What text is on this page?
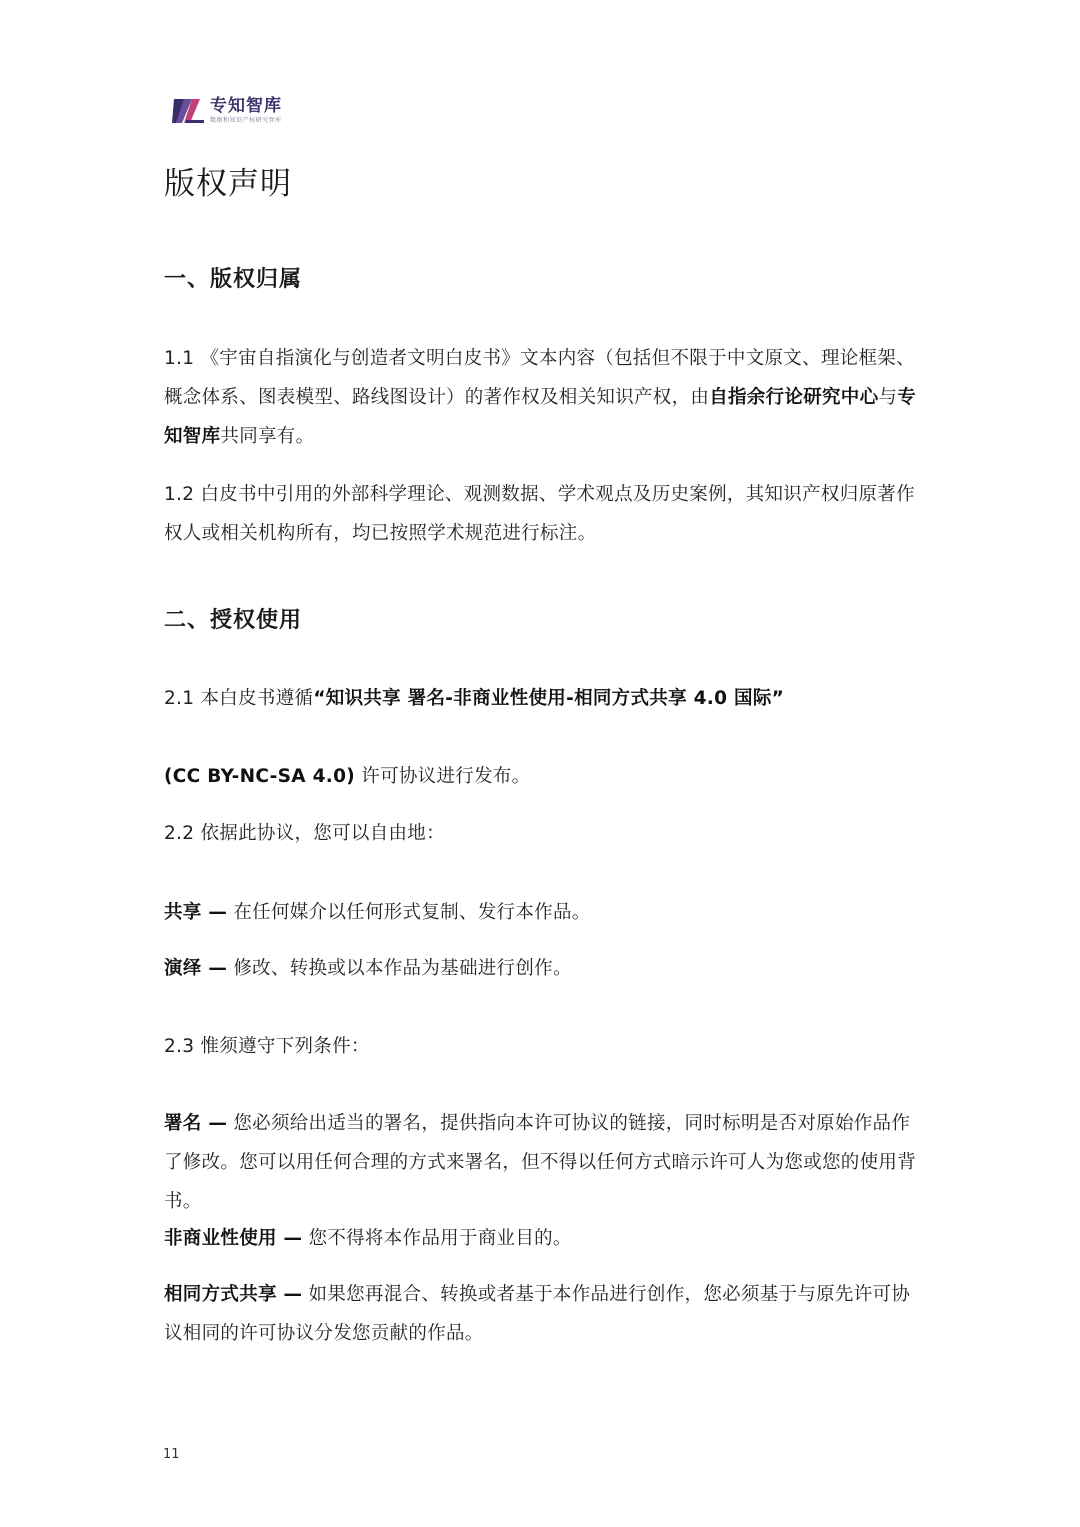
专知智库
数据和知识产权研究智库
版权声明
一、版权归属

1.1 《宇宙自指演化与创造者文明白皮书》文本内容（包括但不限于中文原文、理论框架、概念体系、图表模型、路线图设计）的著作权及相关知识产权，由自指余行论研究中心与专知智库共同享有。

1.2 白皮书中引用的外部科学理论、观测数据、学术观点及历史案例，其知识产权归原著作权人或相关机构所有，均已按照学术规范进行标注。

二、授权使用

2.1 本白皮书遵循“知识共享 署名-非商业性使用-相同方式共享 4.0 国际”

(CC BY-NC-SA 4.0) 许可协议进行发布。

2.2 依据此协议，您可以自由地：

共享 — 在任何媒介以任何形式复制、发行本作品。

演绎 — 修改、转换或以本作品为基础进行创作。

2.3 惟须遵守下列条件：

署名 — 您必须给出适当的署名，提供指向本许可协议的链接，同时标明是否对原始作品作了修改。您可以用任何合理的方式来署名，但不得以任何方式暗示许可人为您或您的使用背书。

非商业性使用 — 您不得将本作品用于商业目的。

相同方式共享 — 如果您再混合、转换或者基于本作品进行创作，您必须基于与原先许可协议相同的许可协议分发您贡献的作品。

11
